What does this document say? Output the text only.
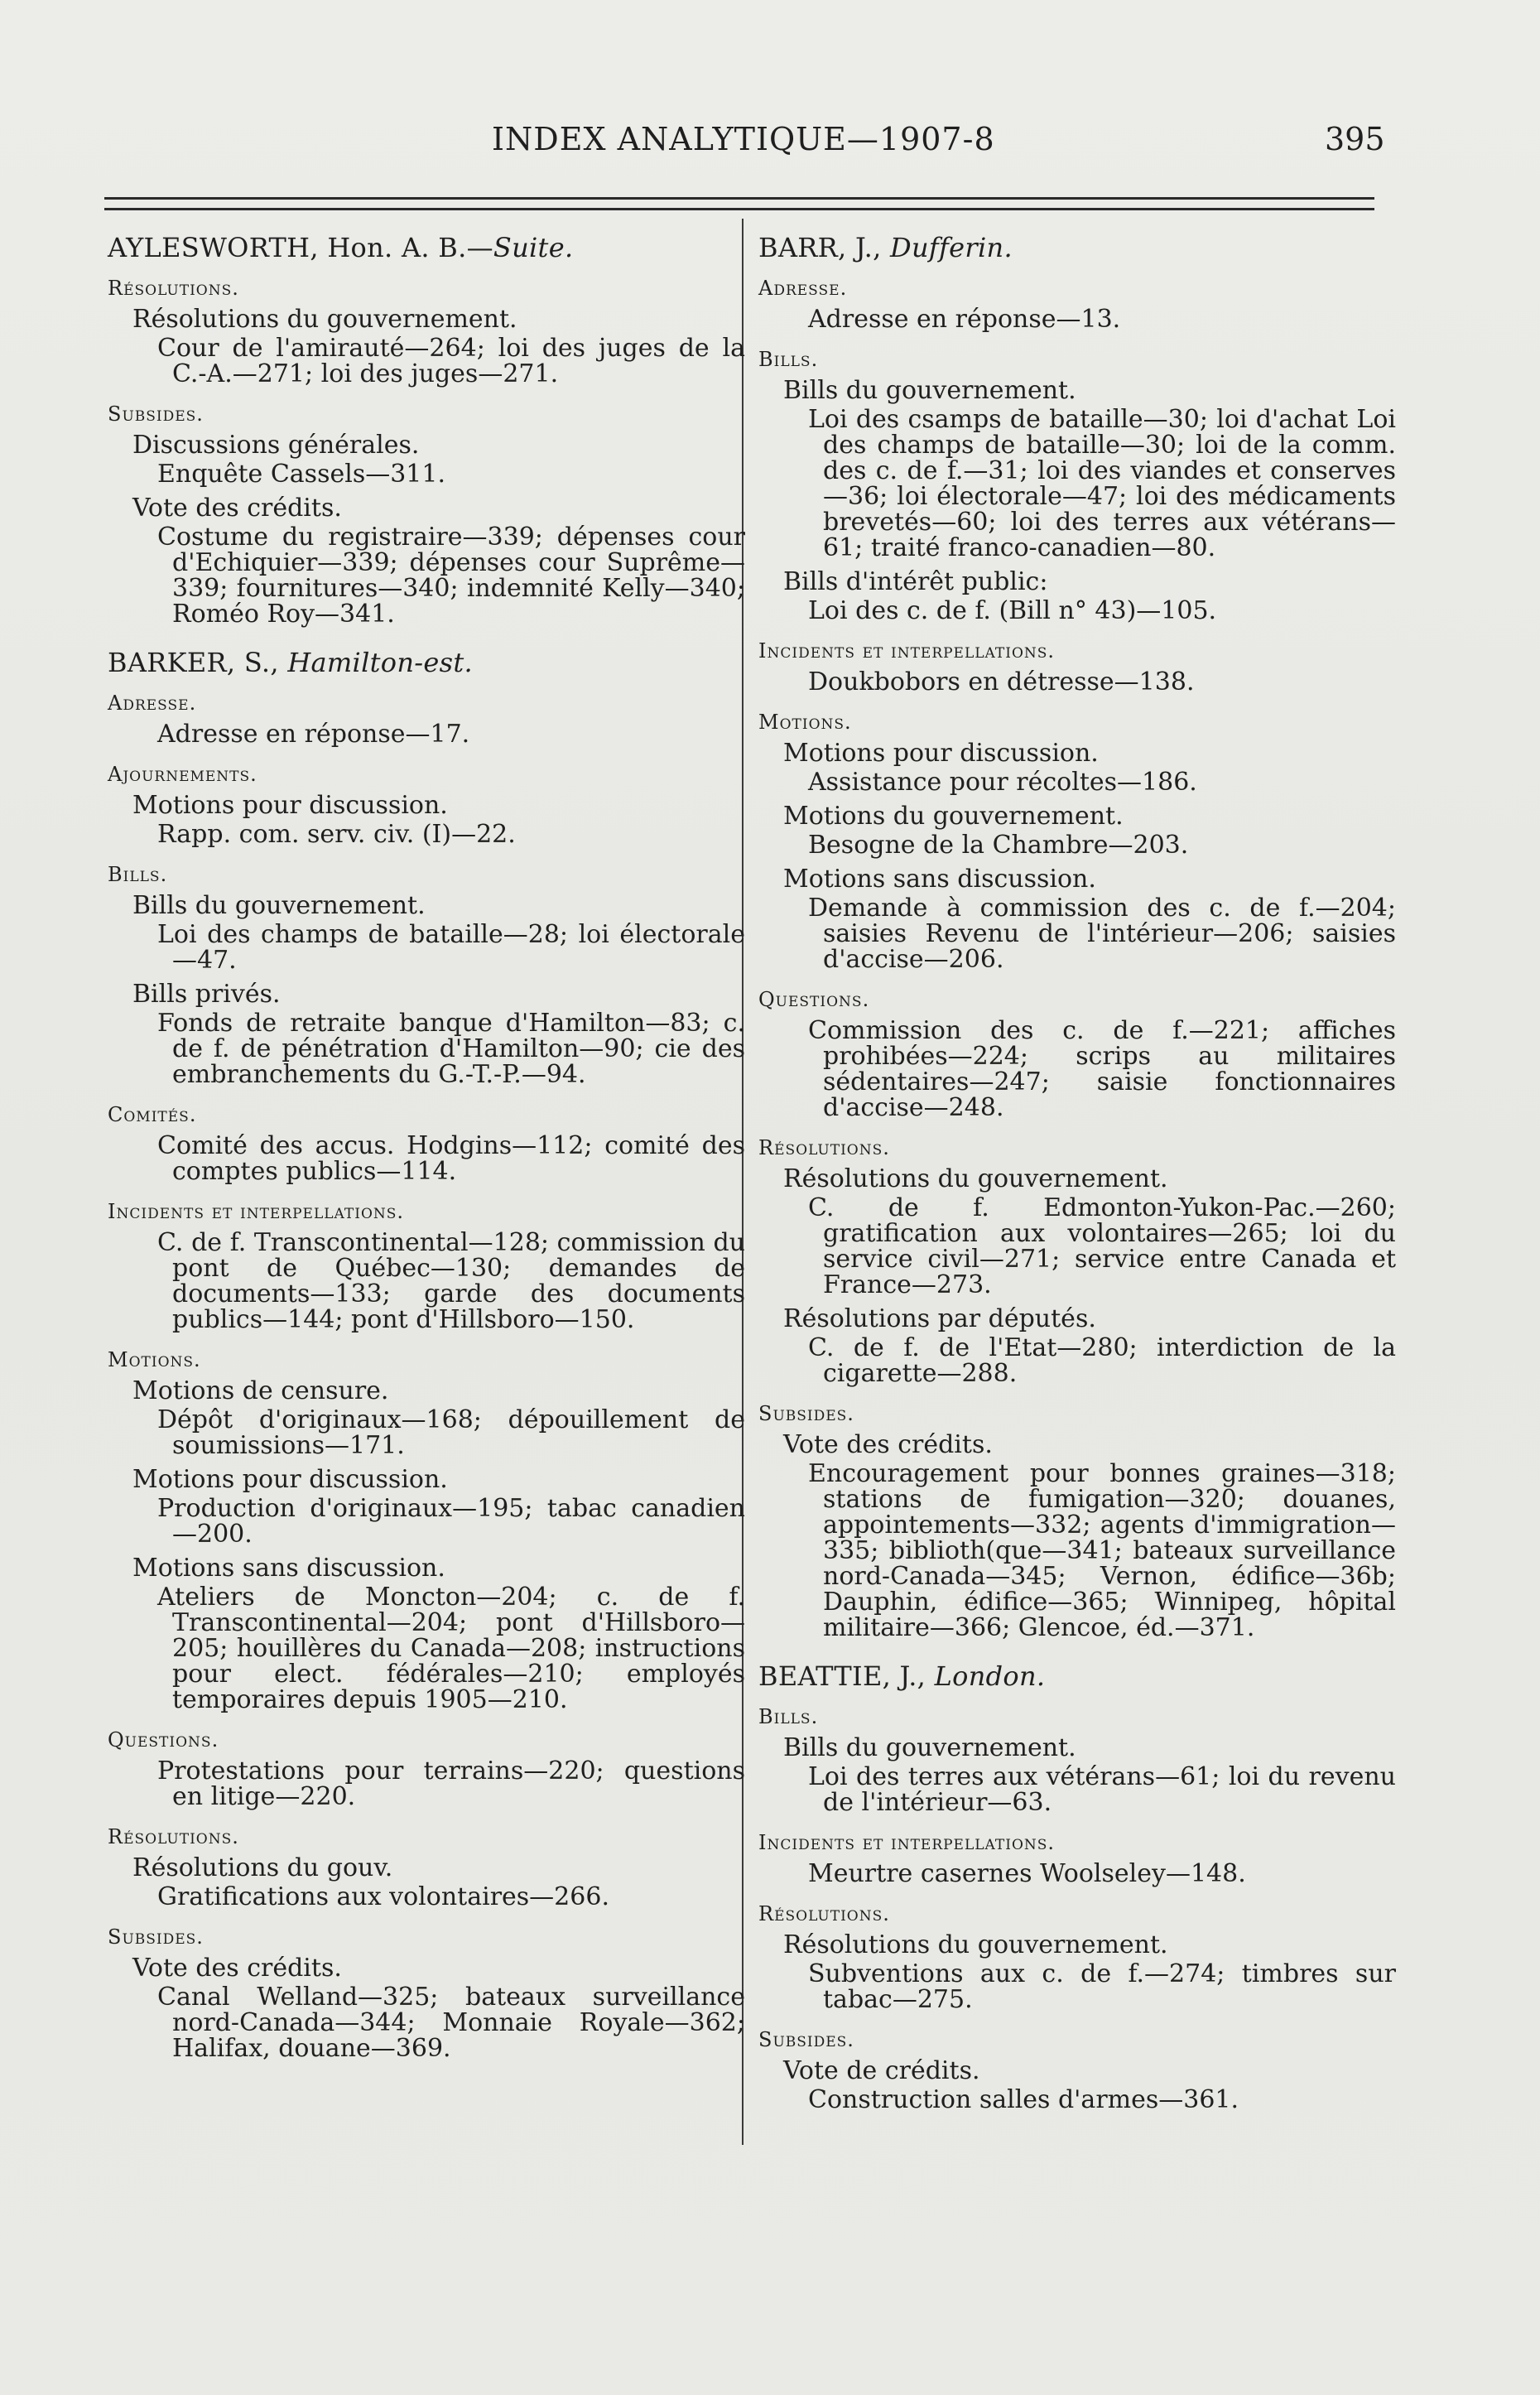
INDEX ANALYTIQUE—1907-8	395
AYLESWORTH, Hon. A. B.—Suite.
Résolutions.
Résolutions du gouvernement.
Cour de l'amirauté—264; loi des juges de la C.-A.—271; loi des juges—271.
Subsides.
Discussions générales.
Enquête Cassels—311.
Vote des crédits.
Costume du registraire—339; dépenses cour d'Echiquier—339; dépenses cour Suprême—339; fournitures—340; indemnité Kelly—340; Roméo Roy—341.
BARKER, S., Hamilton-est.
Adresse.
Adresse en réponse—17.
Ajournements.
Motions pour discussion.
Rapp. com. serv. civ. (I)—22.
Bills.
Bills du gouvernement.
Loi des champs de bataille—28; loi électorale—47.
Bills privés.
Fonds de retraite banque d'Hamilton—83; c. de f. de pénétration d'Hamilton—90; cie des embranchements du G.-T.-P.—94.
Comités.
Comité des accus. Hodgins—112; comité des comptes publics—114.
Incidents et interpellations.
C. de f. Transcontinental—128; commission du pont de Québec—130; demandes de documents—133; garde des documents publics—144; pont d'Hillsboro—150.
Motions.
Motions de censure.
Dépôt d'originaux—168; dépouillement de soumissions—171.
Motions pour discussion.
Production d'originaux—195; tabac canadien—200.
Motions sans discussion.
Ateliers de Moncton—204; c. de f. Transcontinental—204; pont d'Hillsboro—205; houillères du Canada—208; instructions pour elect. fédérales—210; employés temporaires depuis 1905—210.
Questions.
Protestations pour terrains—220; questions en litige—220.
Résolutions.
Résolutions du gouv.
Gratifications aux volontaires—266.
Subsides.
Vote des crédits.
Canal Welland—325; bateaux surveillance nord-Canada—344; Monnaie Royale—362; Halifax, douane—369.
BARR, J., Dufferin.
Adresse.
Adresse en réponse—13.
Bills.
Bills du gouvernement.
Loi des csamps de bataille—30; loi d'achat Loi des champs de bataille—30; loi de la comm. des c. de f.—31; loi des viandes et conserves—36; loi électorale—47; loi des médicaments brevetés—60; loi des terres aux vétérans—61; traité franco-canadien—80.
Bills d'intérêt public:
Loi des c. de f. (Bill n° 43)—105.
Incidents et interpellations.
Doukbobors en détresse—138.
Motions.
Motions pour discussion.
Assistance pour récoltes—186.
Motions du gouvernement.
Besogne de la Chambre—203.
Motions sans discussion.
Demande à commission des c. de f.—204; saisies Revenu de l'intérieur—206; saisies d'accise—206.
Questions.
Commission des c. de f.—221; affiches prohibées—224; scrips au militaires sédentaires—247; saisie fonctionnaires d'accise—248.
Résolutions.
Résolutions du gouvernement.
C. de f. Edmonton-Yukon-Pac.—260; gratification aux volontaires—265; loi du service civil—271; service entre Canada et France—273.
Résolutions par députés.
C. de f. de l'Etat—280; interdiction de la cigarette—288.
Subsides.
Vote des crédits.
Encouragement pour bonnes graines—318; stations de fumigation—320; douanes, appointements—332; agents d'immigration—335; biblioth(que—341; bateaux surveillance nord-Canada—345; Vernon, édifice—36b; Dauphin, édifice—365; Winnipeg, hôpital militaire—366; Glencoe, éd.—371.
BEATTIE, J., London.
Bills.
Bills du gouvernement.
Loi des terres aux vétérans—61; loi du revenu de l'intérieur—63.
Incidents et interpellations.
Meurtre casernes Woolseley—148.
Résolutions.
Résolutions du gouvernement.
Subventions aux c. de f.—274; timbres sur tabac—275.
Subsides.
Vote de crédits.
Construction salles d'armes—361.
